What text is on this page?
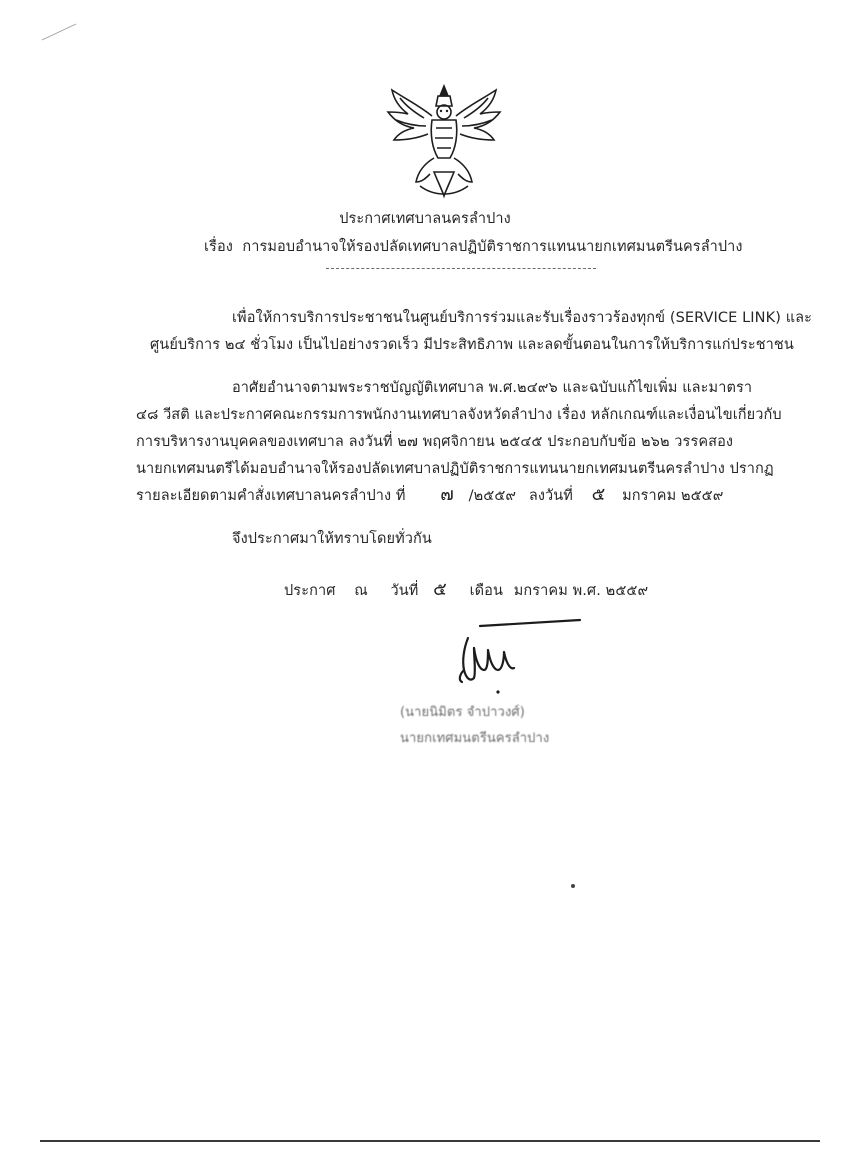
ประกาศเทศบาลนครลำปาง
เรื่อง การมอบอำนาจให้รองปลัดเทศบาลปฏิบัติราชการแทนนายกเทศมนตรีนครลำปาง
เพื่อให้การบริการประชาชนในศูนย์บริการร่วมและรับเรื่องราวร้องทุกข์ (SERVICE LINK) และ
ศูนย์บริการ ๒๔ ชั่วโมง เป็นไปอย่างรวดเร็ว มีประสิทธิภาพ และลดขั้นตอนในการให้บริการแก่ประชาชน
อาศัยอำนาจตามพระราชบัญญัติเทศบาล พ.ศ.๒๔๙๖ และฉบับแก้ไขเพิ่ม และมาตรา
๔๘ วีสติ และประกาศคณะกรรมการพนักงานเทศบาลจังหวัดลำปาง เรื่อง หลักเกณฑ์และเงื่อนไขเกี่ยวกับ
การบริหารงานบุคคลของเทศบาล ลงวันที่ ๒๗ พฤศจิกายน ๒๕๔๕ ประกอบกับข้อ ๒๖๒ วรรคสอง
นายกเทศมนตรีได้มอบอำนาจให้รองปลัดเทศบาลปฏิบัติราชการแทนนายกเทศมนตรีนครลำปาง ปรากฏ
รายละเอียดตามคำสั่งเทศบาลนครลำปาง ที่ ๗ /๒๕๕๙ ลงวันที่ ๕ มกราคม ๒๕๕๙
จึงประกาศมาให้ทราบโดยทั่วกัน
ประกาศ ณ วันที่ ๕ เดือน มกราคม พ.ศ. ๒๕๕๙
(นายนิมิตร จำปาวงศ์)
นายกเทศมนตรีนครลำปาง
